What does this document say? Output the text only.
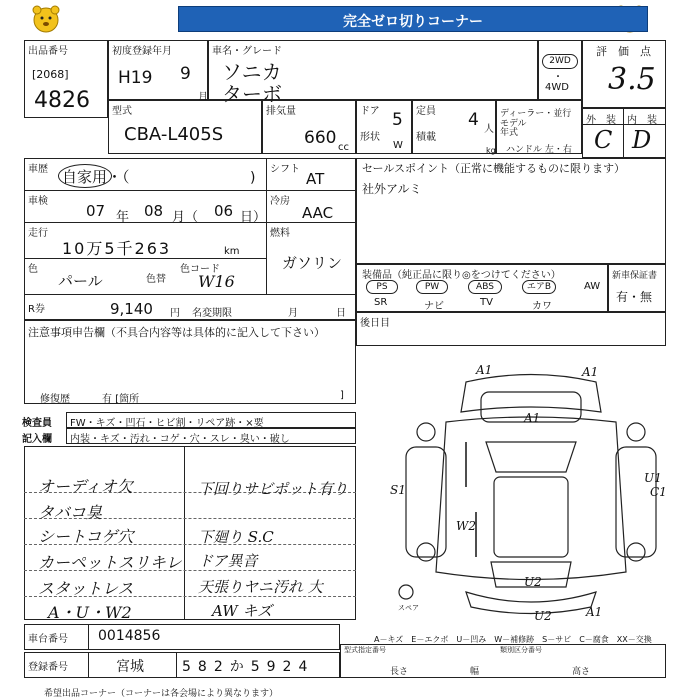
完全ゼロ切りコーナー
出品番号
[2068]
4826
初度登録年月
H19 9
月
車名・グレード
ソニカ
ターボ
2WD
・
4WD
評　価　点
3.5
型式
CBA-L405S
排気量
660 cc
ドア 5
形状
W
定員 4 人
積載
kg
ディーラー・並行
モデル
年式
ハンドル 左・右
外　装 内　装
C D
車歴 自家用・（	)
シフト
AT
車検
07 年 08 月（ 06 日）
冷房
AAC
走行
10万5千263	km
燃料
ガソリン
色
パール	色替
色コード
W16
R券	9,140 円 名変期限	月	日
セールスポイント（正常に機能するものに限ります）
社外アルミ
装備品（純正品に限り◎をつけてください）
PS	PW	ABS	エアB	AW
SR	ナビ	TV	カワ
新車保証書
有・無
後日目
注意事項申告欄（不具合内容等は具体的に記入して下さい）
修復歴	有 [箇所	]
検査員
記入欄
FW・キズ・凹石・ヒビ割・リペア跡・×要
内装・キズ・汚れ・コゲ・穴・スレ・臭い・破し
オーディオ欠
タバコ臭
シートコゲ穴
カーペットスリキレ
スタットレス
A・U・W2
下回りサビポット有り
下廻り S.C
ドア異音
天張りヤニ汚れ 大
AW キズ
A1	A1
A1
S1
U1
C1
W2
U2
U2	A1
スペア
A－キズ　E－エクボ　U－凹み　W－補修跡　S－サビ　C－腐食　XX－交換
車台番号 0014856
登録番号	宮城	582か5924
型式指定番号	類別区分番号
長さ	幅	高さ
希望出品コーナー（コーナーは各会場により異なります）
